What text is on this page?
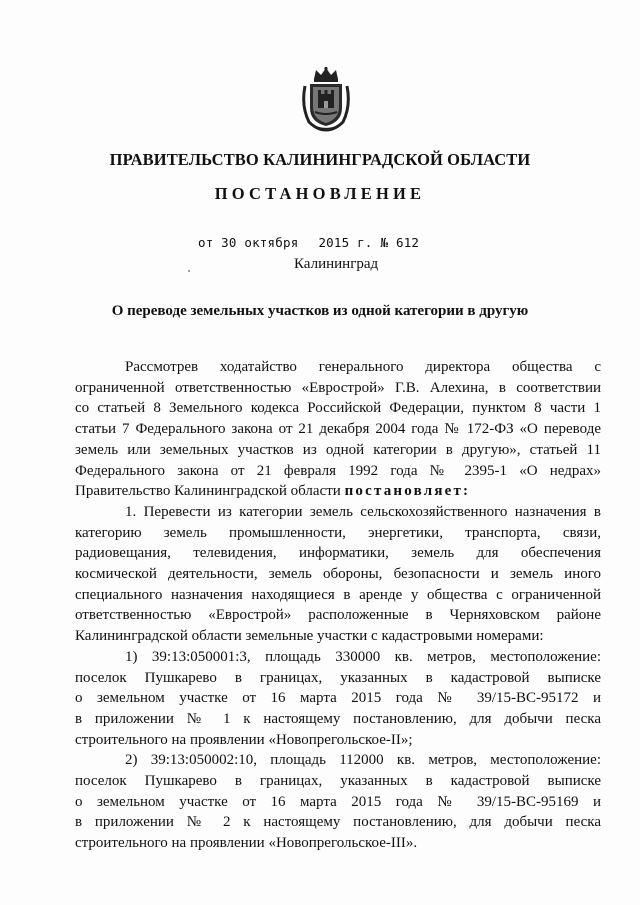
ПРАВИТЕЛЬСТВО КАЛИНИНГРАДСКОЙ ОБЛАСТИ
ПОСТАНОВЛЕНИЕ
от 30 октября 2015 г. № 612
Калининград
О переводе земельных участков из одной категории в другую

Рассмотрев ходатайство генерального директора общества с

ограниченной ответственностью «Еврострой» Г.В. Алехина, в соответствии

со статьей 8 Земельного кодекса Российской Федерации, пунктом 8 части 1

статьи 7 Федерального закона от 21 декабря 2004 года № 172-ФЗ «О переводе

земель или земельных участков из одной категории в другую», статьей 11

Федерального закона от 21 февраля 1992 года № 2395-1 «О недрах»

Правительство Калининградской области постановляет:

1. Перевести из категории земель сельскохозяйственного назначения в

категорию земель промышленности, энергетики, транспорта, связи,

радиовещания, телевидения, информатики, земель для обеспечения

космической деятельности, земель обороны, безопасности и земель иного

специального назначения находящиеся в аренде у общества с ограниченной

ответственностью «Еврострой» расположенные в Черняховском районе

Калининградской области земельные участки с кадастровыми номерами:

1) 39:13:050001:3, площадь 330000 кв. метров, местоположение:

поселок Пушкарево в границах, указанных в кадастровой выписке

о земельном участке от 16 марта 2015 года № 39/15-ВС-95172 и

в приложении № 1 к настоящему постановлению, для добычи песка

строительного на проявлении «Новопрегольское-II»;

2) 39:13:050002:10, площадь 112000 кв. метров, местоположение:

поселок Пушкарево в границах, указанных в кадастровой выписке

о земельном участке от 16 марта 2015 года № 39/15-ВС-95169 и

в приложении № 2 к настоящему постановлению, для добычи песка

строительного на проявлении «Новопрегольское-III».
